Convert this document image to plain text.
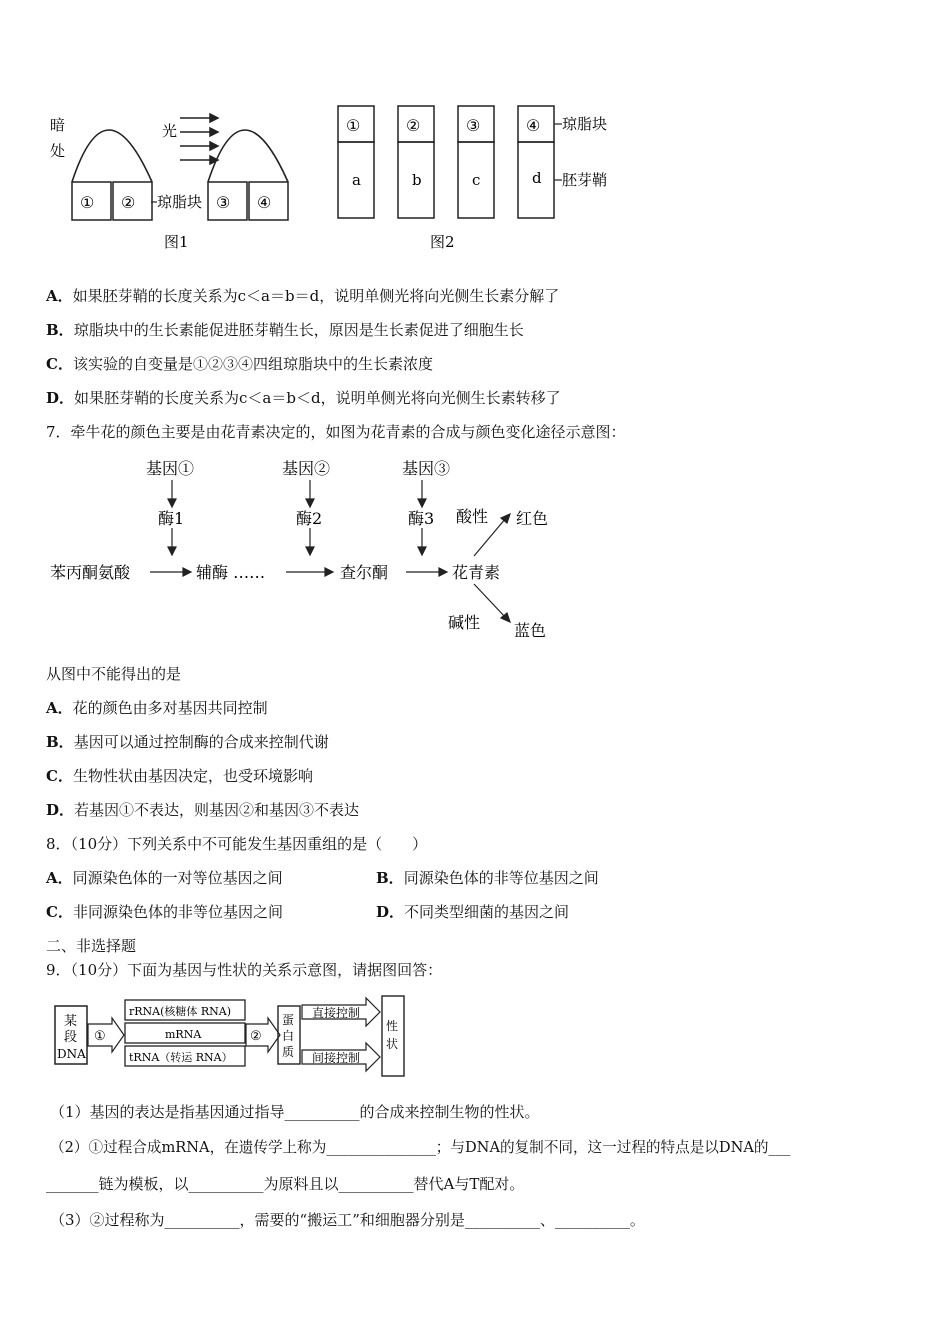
暗
处
① ②
光
③ ④
琼脂块
图1
①	②	③	④
a	b	c	d
琼脂块
胚芽鞘
图2
A．如果胚芽鞘的长度关系为c＜a＝b＝d，说明单侧光将向光侧生长素分解了
B．琼脂块中的生长素能促进胚芽鞘生长，原因是生长素促进了细胞生长
C．该实验的自变量是①②③④四组琼脂块中的生长素浓度
D．如果胚芽鞘的长度关系为c＜a＝b＜d，说明单侧光将向光侧生长素转移了
7．牵牛花的颜色主要是由花青素决定的，如图为花青素的合成与颜色变化途径示意图：
基因①	基因②	基因③
酶1	酶2	酶3
苯丙酮氨酸	辅酶 ……	查尔酮	花青素
酸性 红色
碱性 蓝色
从图中不能得出的是
A．花的颜色由多对基因共同控制
B．基因可以通过控制酶的合成来控制代谢
C．生物性状由基因决定，也受环境影响
D．若基因①不表达，则基因②和基因③不表达
8．（10分）下列关系中不可能发生基因重组的是（　　）
A．同源染色体的一对等位基因之间	B．同源染色体的非等位基因之间
C．非同源染色体的非等位基因之间	D．不同类型细菌的基因之间
二、非选择题
9．（10分）下面为基因与性状的关系示意图，请据图回答：
某
段
DNA
①
rRNA(核糖体 RNA)
mRNA
tRNA（转运 RNA）
②
蛋
白
质
直接控制
间接控制
性
状
（1）基因的表达是指基因通过指导__________的合成来控制生物的性状。
（2）①过程合成mRNA，在遗传学上称为_______________；与DNA的复制不同，这一过程的特点是以DNA的___
_______链为模板，以__________为原料且以__________替代A与T配对。
（3）②过程称为__________，需要的“搬运工”和细胞器分别是__________、__________。
